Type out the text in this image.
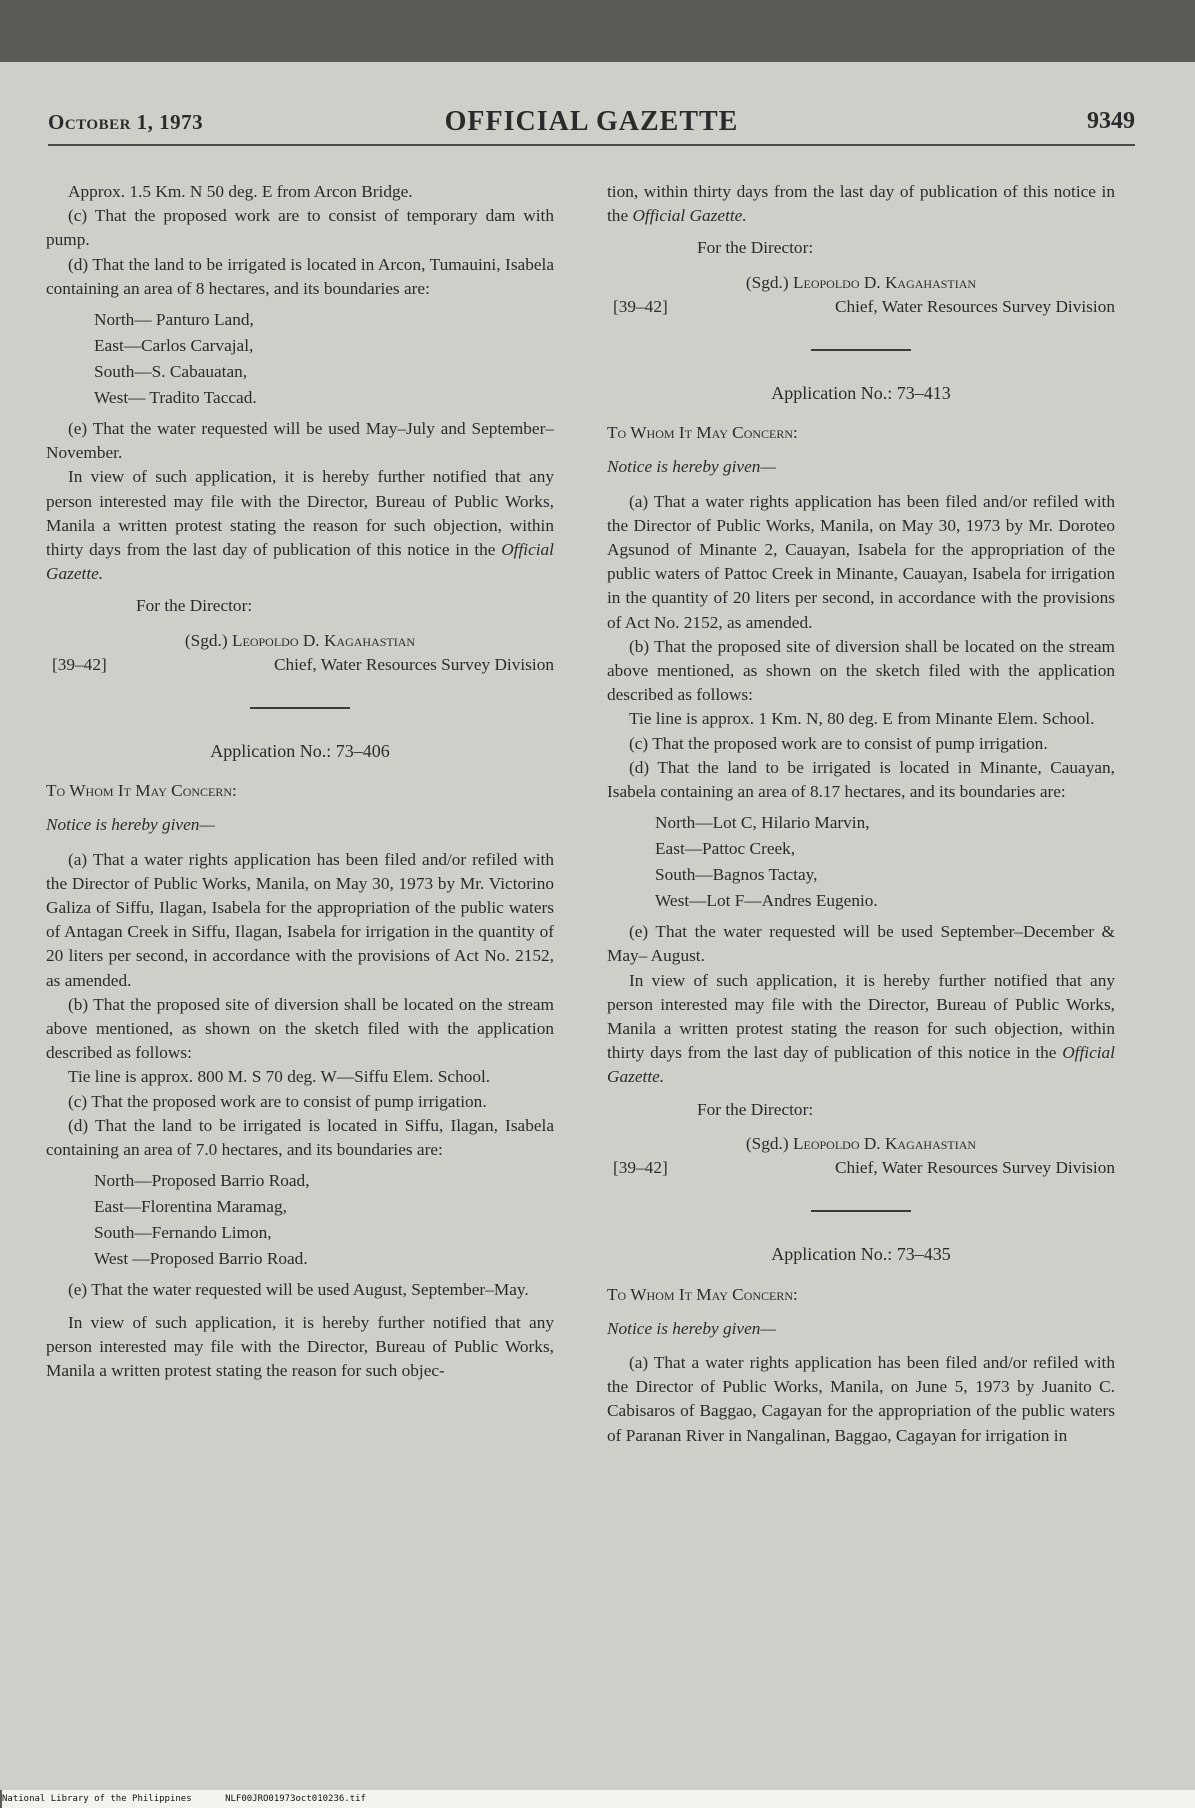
October 1, 1973	OFFICIAL GAZETTE	9349

Approx. 1.5 Km. N 50 deg. E from Arcon Bridge.

(c) That the proposed work are to consist of temporary dam with pump.

(d) That the land to be irrigated is located in Arcon, Tumauini, Isabela containing an area of 8 hectares, and its boundaries are:

North— Panturo Land,
East—Carlos Carvajal,
South—S. Cabauatan,
West— Tradito Taccad.

(e) That the water requested will be used May–July and September–November.

In view of such application, it is hereby further notified that any person interested may file with the Director, Bureau of Public Works, Manila a written protest stating the reason for such objection, within thirty days from the last day of publication of this notice in the Official Gazette.

For the Director:
(Sgd.) Leopoldo D. Kagahastian
[39–42]	Chief, Water Resources Survey Division
Application No.: 73–406
To Whom It May Concern:
Notice is hereby given—

(a) That a water rights application has been filed and/or refiled with the Director of Public Works, Manila, on May 30, 1973 by Mr. Victorino Galiza of Siffu, Ilagan, Isabela for the appropriation of the public waters of Antagan Creek in Siffu, Ilagan, Isabela for irrigation in the quantity of 20 liters per second, in accordance with the provisions of Act No. 2152, as amended.

(b) That the proposed site of diversion shall be located on the stream above mentioned, as shown on the sketch filed with the application described as follows:

Tie line is approx. 800 M. S 70 deg. W—Siffu Elem. School.

(c) That the proposed work are to consist of pump irrigation.

(d) That the land to be irrigated is located in Siffu, Ilagan, Isabela containing an area of 7.0 hectares, and its boundaries are:

North—Proposed Barrio Road,
East—Florentina Maramag,
South—Fernando Limon,
West —Proposed Barrio Road.

(e) That the water requested will be used August, September–May.

In view of such application, it is hereby further notified that any person interested may file with the Director, Bureau of Public Works, Manila a written protest stating the reason for such objec-

tion, within thirty days from the last day of publication of this notice in the Official Gazette.

For the Director:
(Sgd.) Leopoldo D. Kagahastian
[39–42]	Chief, Water Resources Survey Division
Application No.: 73–413
To Whom It May Concern:
Notice is hereby given—

(a) That a water rights application has been filed and/or refiled with the Director of Public Works, Manila, on May 30, 1973 by Mr. Doroteo Agsunod of Minante 2, Cauayan, Isabela for the appropriation of the public waters of Pattoc Creek in Minante, Cauayan, Isabela for irrigation in the quantity of 20 liters per second, in accordance with the provisions of Act No. 2152, as amended.

(b) That the proposed site of diversion shall be located on the stream above mentioned, as shown on the sketch filed with the application described as follows:

Tie line is approx. 1 Km. N, 80 deg. E from Minante Elem. School.

(c) That the proposed work are to consist of pump irrigation.

(d) That the land to be irrigated is located in Minante, Cauayan, Isabela containing an area of 8.17 hectares, and its boundaries are:

North—Lot C, Hilario Marvin,
East—Pattoc Creek,
South—Bagnos Tactay,
West—Lot F—Andres Eugenio.

(e) That the water requested will be used September–December & May– August.

In view of such application, it is hereby further notified that any person interested may file with the Director, Bureau of Public Works, Manila a written protest stating the reason for such objection, within thirty days from the last day of publication of this notice in the Official Gazette.

For the Director:
(Sgd.) Leopoldo D. Kagahastian
[39–42]	Chief, Water Resources Survey Division
Application No.: 73–435
To Whom It May Concern:
Notice is hereby given—

(a) That a water rights application has been filed and/or refiled with the Director of Public Works, Manila, on June 5, 1973 by Juanito C. Cabisaros of Baggao, Cagayan for the appropriation of the public waters of Paranan River in Nangalinan, Baggao, Cagayan for irrigation in

National Library of the Philippines	NLF00JRO01973oct010236.tif
